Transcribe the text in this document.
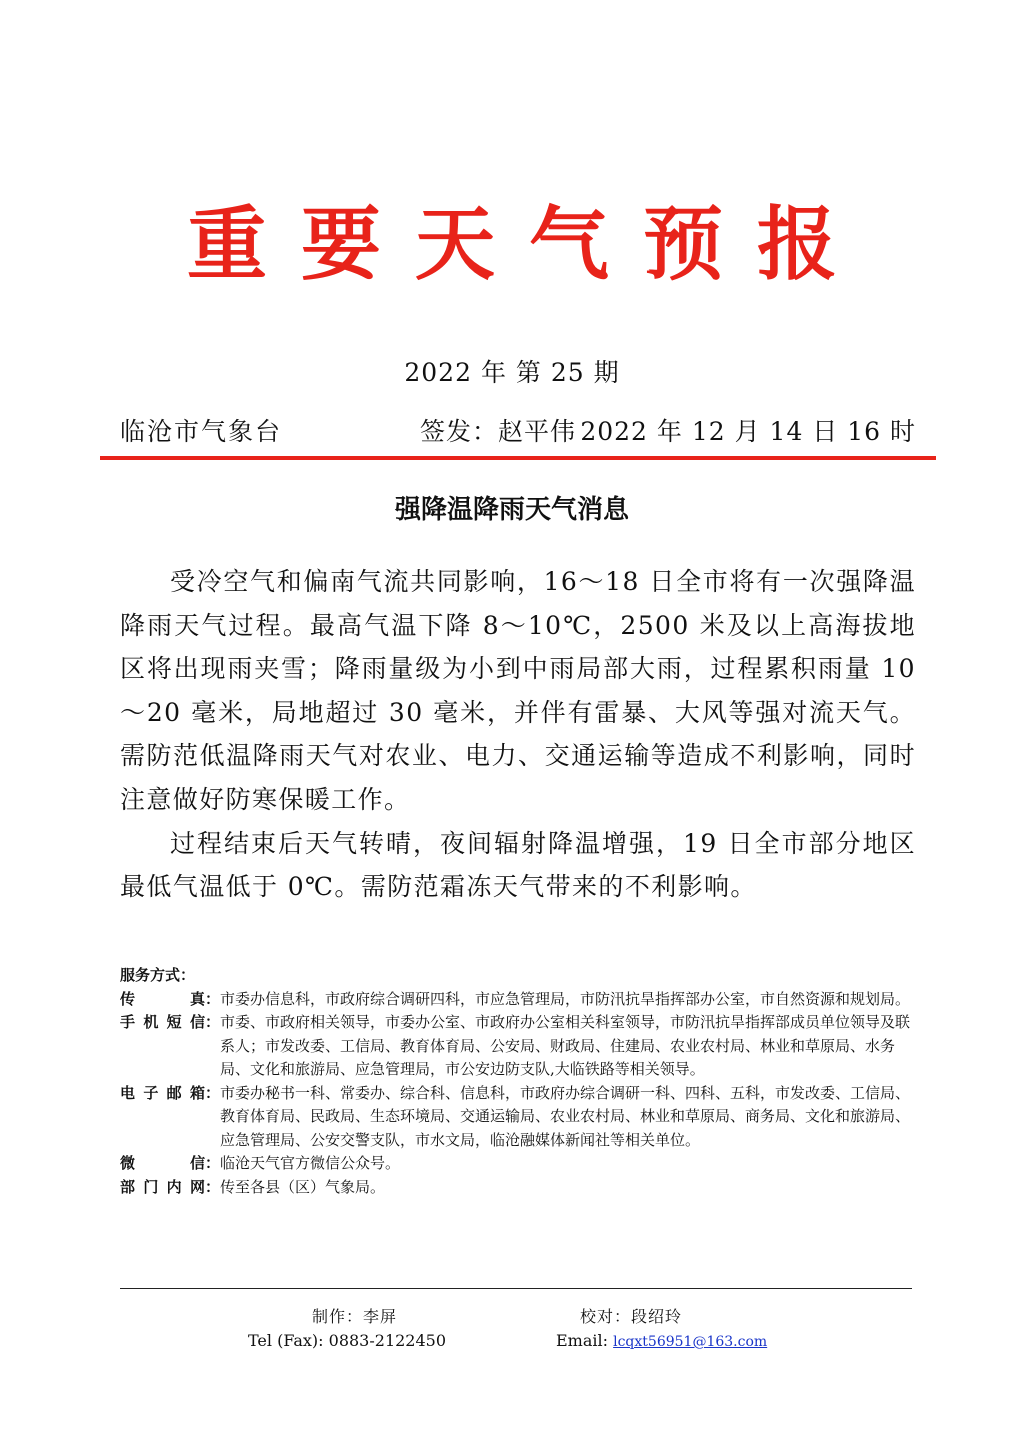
重要天气预报
2022 年 第 25 期
临沧市气象台	签发：赵平伟 2022 年 12 月 14 日 16 时
强降温降雨天气消息

受冷空气和偏南气流共同影响，16～18 日全市将有一次强降温降雨天气过程。最高气温下降 8～10℃，2500 米及以上高海拔地区将出现雨夹雪；降雨量级为小到中雨局部大雨，过程累积雨量 10～20 毫米，局地超过 30 毫米，并伴有雷暴、大风等强对流天气。需防范低温降雨天气对农业、电力、交通运输等造成不利影响，同时注意做好防寒保暖工作。

过程结束后天气转晴，夜间辐射降温增强，19 日全市部分地区最低气温低于 0℃。需防范霜冻天气带来的不利影响。

服务方式：
传真： 市委办信息科，市政府综合调研四科，市应急管理局，市防汛抗旱指挥部办公室，市自然资源和规划局。
手机短信： 市委、市政府相关领导，市委办公室、市政府办公室相关科室领导，市防汛抗旱指挥部成员单位领导及联系人；市发改委、工信局、教育体育局、公安局、财政局、住建局、农业农村局、林业和草原局、水务局、文化和旅游局、应急管理局，市公安边防支队,大临铁路等相关领导。
电子邮箱： 市委办秘书一科、常委办、综合科、信息科，市政府办综合调研一科、四科、五科，市发改委、工信局、教育体育局、民政局、生态环境局、交通运输局、农业农村局、林业和草原局、商务局、文化和旅游局、应急管理局、公安交警支队，市水文局，临沧融媒体新闻社等相关单位。
微信： 临沧天气官方微信公众号。
部门内网： 传至各县（区）气象局。
制作：李屏	校对：段绍玲
Tel (Fax): 0883-2122450	Email: lcqxt56951@163.com
